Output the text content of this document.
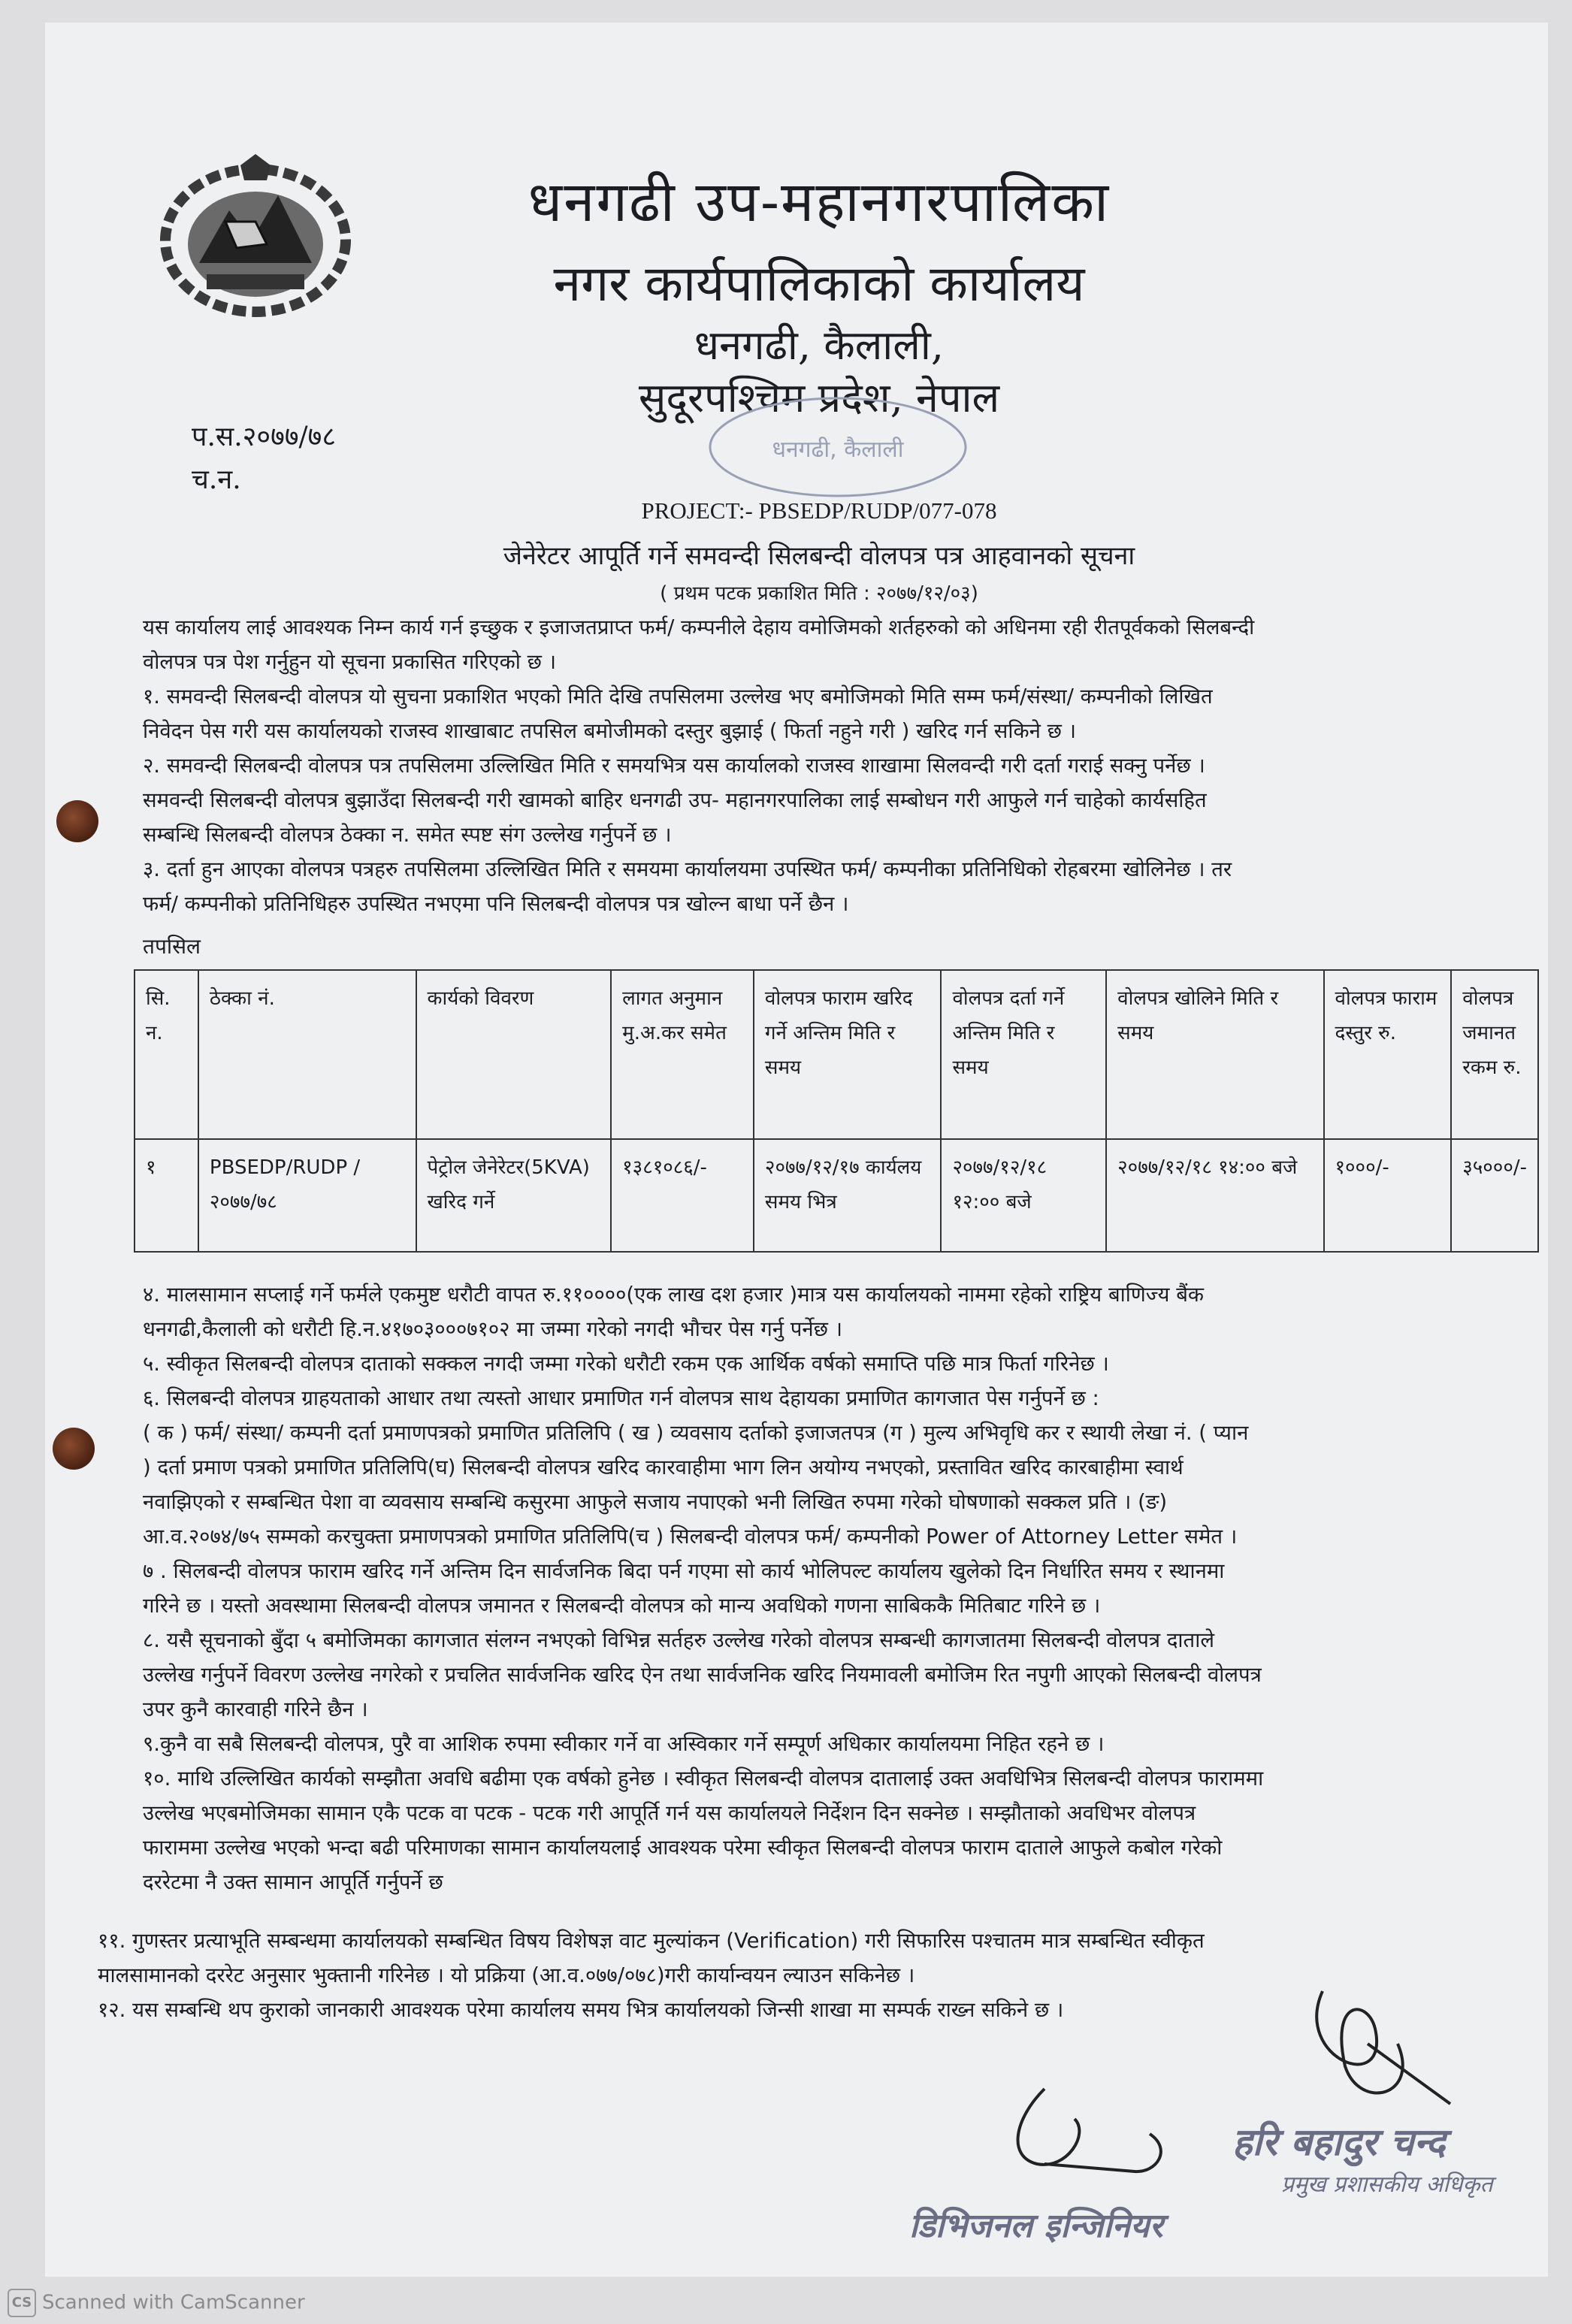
धनगढी उप-महानगरपालिका
नगर कार्यपालिकाको कार्यालय
धनगढी, कैलाली,
सुदूरपश्चिम प्रदेश, नेपाल
प.स.२०७७/७८
च.न.
धनगढी, कैलाली
PROJECT:- PBSEDP/RUDP/077-078
जेनेरेटर आपूर्ति गर्ने समवन्दी सिलबन्दी वोलपत्र पत्र आहवानको सूचना
( प्रथम पटक प्रकाशित मिति : २०७७/१२/०३)
यस कार्यालय लाई आवश्यक निम्न कार्य गर्न इच्छुक र इजाजतप्राप्त फर्म/ कम्पनीले देहाय वमोजिमको शर्तहरुको को अधिनमा रही रीतपूर्वकको सिलबन्दी
वोलपत्र पत्र पेश गर्नुहुन यो सूचना प्रकासित गरिएको छ ।
१. समवन्दी सिलबन्दी वोलपत्र यो सुचना प्रकाशित भएको मिति देखि तपसिलमा उल्लेख भए बमोजिमको मिति सम्म फर्म/संस्था/ कम्पनीको लिखित
निवेदन पेस गरी यस कार्यालयको राजस्व शाखाबाट तपसिल बमोजीमको दस्तुर बुझाई ( फिर्ता नहुने गरी ) खरिद गर्न सकिने छ ।
२. समवन्दी सिलबन्दी वोलपत्र पत्र तपसिलमा उल्लिखित मिति र समयभित्र यस कार्यालको राजस्व शाखामा सिलवन्दी गरी दर्ता गराई सक्नु पर्नेछ ।
समवन्दी सिलबन्दी वोलपत्र बुझाउँदा सिलबन्दी गरी खामको बाहिर धनगढी उप- महानगरपालिका लाई सम्बोधन गरी आफुले गर्न चाहेको कार्यसहित
सम्बन्धि सिलबन्दी वोलपत्र ठेक्का न. समेत स्पष्ट संग उल्लेख गर्नुपर्ने छ ।
३. दर्ता हुन आएका वोलपत्र पत्रहरु तपसिलमा उल्लिखित मिति र समयमा कार्यालयमा उपस्थित फर्म/ कम्पनीका प्रतिनिधिको रोहबरमा खोलिनेछ । तर
फर्म/ कम्पनीको प्रतिनिधिहरु उपस्थित नभएमा पनि सिलबन्दी वोलपत्र पत्र खोल्न बाधा पर्ने छैन ।
तपसिल
सि. न.	ठेक्का नं.	कार्यको विवरण	लागत अनुमान मु.अ.कर समेत	वोलपत्र फाराम खरिद गर्ने अन्तिम मिति र समय	वोलपत्र दर्ता गर्ने अन्तिम मिति र समय	वोलपत्र खोलिने मिति र समय	वोलपत्र फाराम दस्तुर रु.	वोलपत्र जमानत रकम रु.
१	PBSEDP/RUDP /२०७७/७८	पेट्रोल जेनेरेटर(5KVA) खरिद गर्ने	१३८१०८६/-	२०७७/१२/१७ कार्यलय समय भित्र	२०७७/१२/१८ १२:०० बजे	२०७७/१२/१८ १४:०० बजे	१०००/-	३५०००/-
४. मालसामान सप्लाई गर्ने फर्मले एकमुष्ट धरौटी वापत रु.११००००(एक लाख दश हजार )मात्र यस कार्यालयको नाममा रहेको राष्ट्रिय बाणिज्य बैंक
धनगढी,कैलाली को धरौटी हि.न.४१७०३०००७१०२ मा जम्मा गरेको नगदी भौचर पेस गर्नु पर्नेछ ।
५. स्वीकृत सिलबन्दी वोलपत्र दाताको सक्कल नगदी जम्मा गरेको धरौटी रकम एक आर्थिक वर्षको समाप्ति पछि मात्र फिर्ता गरिनेछ ।
६. सिलबन्दी वोलपत्र ग्राहयताको आधार तथा त्यस्तो आधार प्रमाणित गर्न वोलपत्र साथ देहायका प्रमाणित कागजात पेस गर्नुपर्ने छ :
( क ) फर्म/ संस्था/ कम्पनी दर्ता प्रमाणपत्रको प्रमाणित प्रतिलिपि ( ख ) व्यवसाय दर्ताको इजाजतपत्र (ग ) मुल्य अभिवृधि कर र स्थायी लेखा नं. ( प्यान
) दर्ता प्रमाण पत्रको प्रमाणित प्रतिलिपि(घ) सिलबन्दी वोलपत्र खरिद कारवाहीमा भाग लिन अयोग्य नभएको, प्रस्तावित खरिद कारबाहीमा स्वार्थ
नवाझिएको र सम्बन्धित पेशा वा व्यवसाय सम्बन्धि कसुरमा आफुले सजाय नपाएको भनी लिखित रुपमा गरेको घोषणाको सक्कल प्रति । (ङ)
आ.व.२०७४/७५ सम्मको करचुक्ता प्रमाणपत्रको प्रमाणित प्रतिलिपि(च ) सिलबन्दी वोलपत्र फर्म/ कम्पनीको Power of Attorney Letter समेत ।
७ . सिलबन्दी वोलपत्र फाराम खरिद गर्ने अन्तिम दिन सार्वजनिक बिदा पर्न गएमा सो कार्य भोलिपल्ट कार्यालय खुलेको दिन निर्धारित समय र स्थानमा
गरिने छ । यस्तो अवस्थामा सिलबन्दी वोलपत्र जमानत र सिलबन्दी वोलपत्र को मान्य अवधिको गणना साबिककै मितिबाट गरिने छ ।
८. यसै सूचनाको बुँदा ५ बमोजिमका कागजात संलग्न नभएको विभिन्न सर्तहरु उल्लेख गरेको वोलपत्र सम्बन्धी कागजातमा सिलबन्दी वोलपत्र दाताले
उल्लेख गर्नुपर्ने विवरण उल्लेख नगरेको र प्रचलित सार्वजनिक खरिद ऐन तथा सार्वजनिक खरिद नियमावली बमोजिम रित नपुगी आएको सिलबन्दी वोलपत्र
उपर कुनै कारवाही गरिने छैन ।
९.कुनै वा सबै सिलबन्दी वोलपत्र, पुरै वा आशिक रुपमा स्वीकार गर्ने वा अस्विकार गर्ने सम्पूर्ण अधिकार कार्यालयमा निहित रहने छ ।
१०. माथि उल्लिखित कार्यको सम्झौता अवधि बढीमा एक वर्षको हुनेछ । स्वीकृत सिलबन्दी वोलपत्र दातालाई उक्त अवधिभित्र सिलबन्दी वोलपत्र फाराममा
उल्लेख भएबमोजिमका सामान एकै पटक वा पटक - पटक गरी आपूर्ति गर्न यस कार्यालयले निर्देशन दिन सक्नेछ । सम्झौताको अवधिभर वोलपत्र
फाराममा उल्लेख भएको भन्दा बढी परिमाणका सामान कार्यालयलाई आवश्यक परेमा स्वीकृत सिलबन्दी वोलपत्र फाराम दाताले आफुले कबोल गरेको
दररेटमा नै उक्त सामान आपूर्ति गर्नुपर्ने छ
११. गुणस्तर प्रत्याभूति सम्बन्धमा कार्यालयको सम्बन्धित विषय विशेषज्ञ वाट मुल्यांकन (Verification) गरी सिफारिस पश्चातम मात्र सम्बन्धित स्वीकृत
मालसामानको दररेट अनुसार भुक्तानी गरिनेछ । यो प्रक्रिया (आ.व.०७७/०७८)गरी कार्यान्वयन ल्याउन सकिनेछ ।
१२. यस सम्बन्धि थप कुराको जानकारी आवश्यक परेमा कार्यालय समय भित्र कार्यालयको जिन्सी शाखा मा सम्पर्क राख्न सकिने छ ।
हरि बहादुर चन्द
प्रमुख प्रशासकीय अधिकृत
डिभिजनल इन्जिनियर
CS Scanned with CamScanner
